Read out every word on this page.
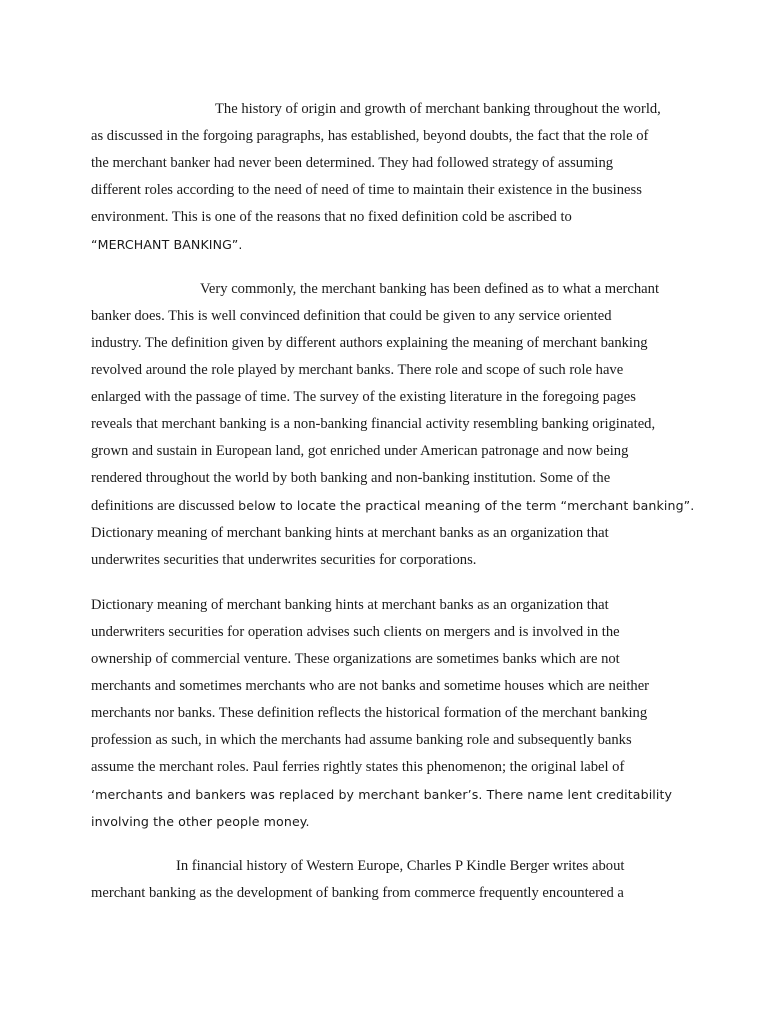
The history of origin and growth of merchant banking throughout the world,
as discussed in the forgoing paragraphs, has established, beyond doubts, the fact that the role of
the merchant banker had never been determined. They had followed strategy of assuming
different roles according to the need of need of time to maintain their existence in the business
environment. This is one of the reasons that no fixed definition cold be ascribed to
“MERCHANT BANKING”.
Very commonly, the merchant banking has been defined as to what a merchant
banker does. This is well convinced definition that could be given to any service oriented
industry. The definition given by different authors explaining the meaning of merchant banking
revolved around the role played by merchant banks. There role and scope of such role have
enlarged with the passage of time. The survey of the existing literature in the foregoing pages
reveals that merchant banking is a non-banking financial activity resembling banking originated,
grown and sustain in European land, got enriched under American patronage and now being
rendered throughout the world by both banking and non-banking institution. Some of the
definitions are discussed below to locate the practical meaning of the term “merchant banking”.
Dictionary meaning of merchant banking hints at merchant banks as an organization that
underwrites securities that underwrites securities for corporations.
Dictionary meaning of merchant banking hints at merchant banks as an organization that
underwriters securities for operation advises such clients on mergers and is involved in the
ownership of commercial venture. These organizations are sometimes banks which are not
merchants and sometimes merchants who are not banks and sometime houses which are neither
merchants nor banks. These definition reflects the historical formation of the merchant banking
profession as such, in which the merchants had assume banking role and subsequently banks
assume the merchant roles. Paul ferries rightly states this phenomenon; the original label of
‘merchants and bankers was replaced by merchant banker’s. There name lent creditability
involving the other people money.
In financial history of Western Europe, Charles P Kindle Berger writes about
merchant banking as the development of banking from commerce frequently encountered a
